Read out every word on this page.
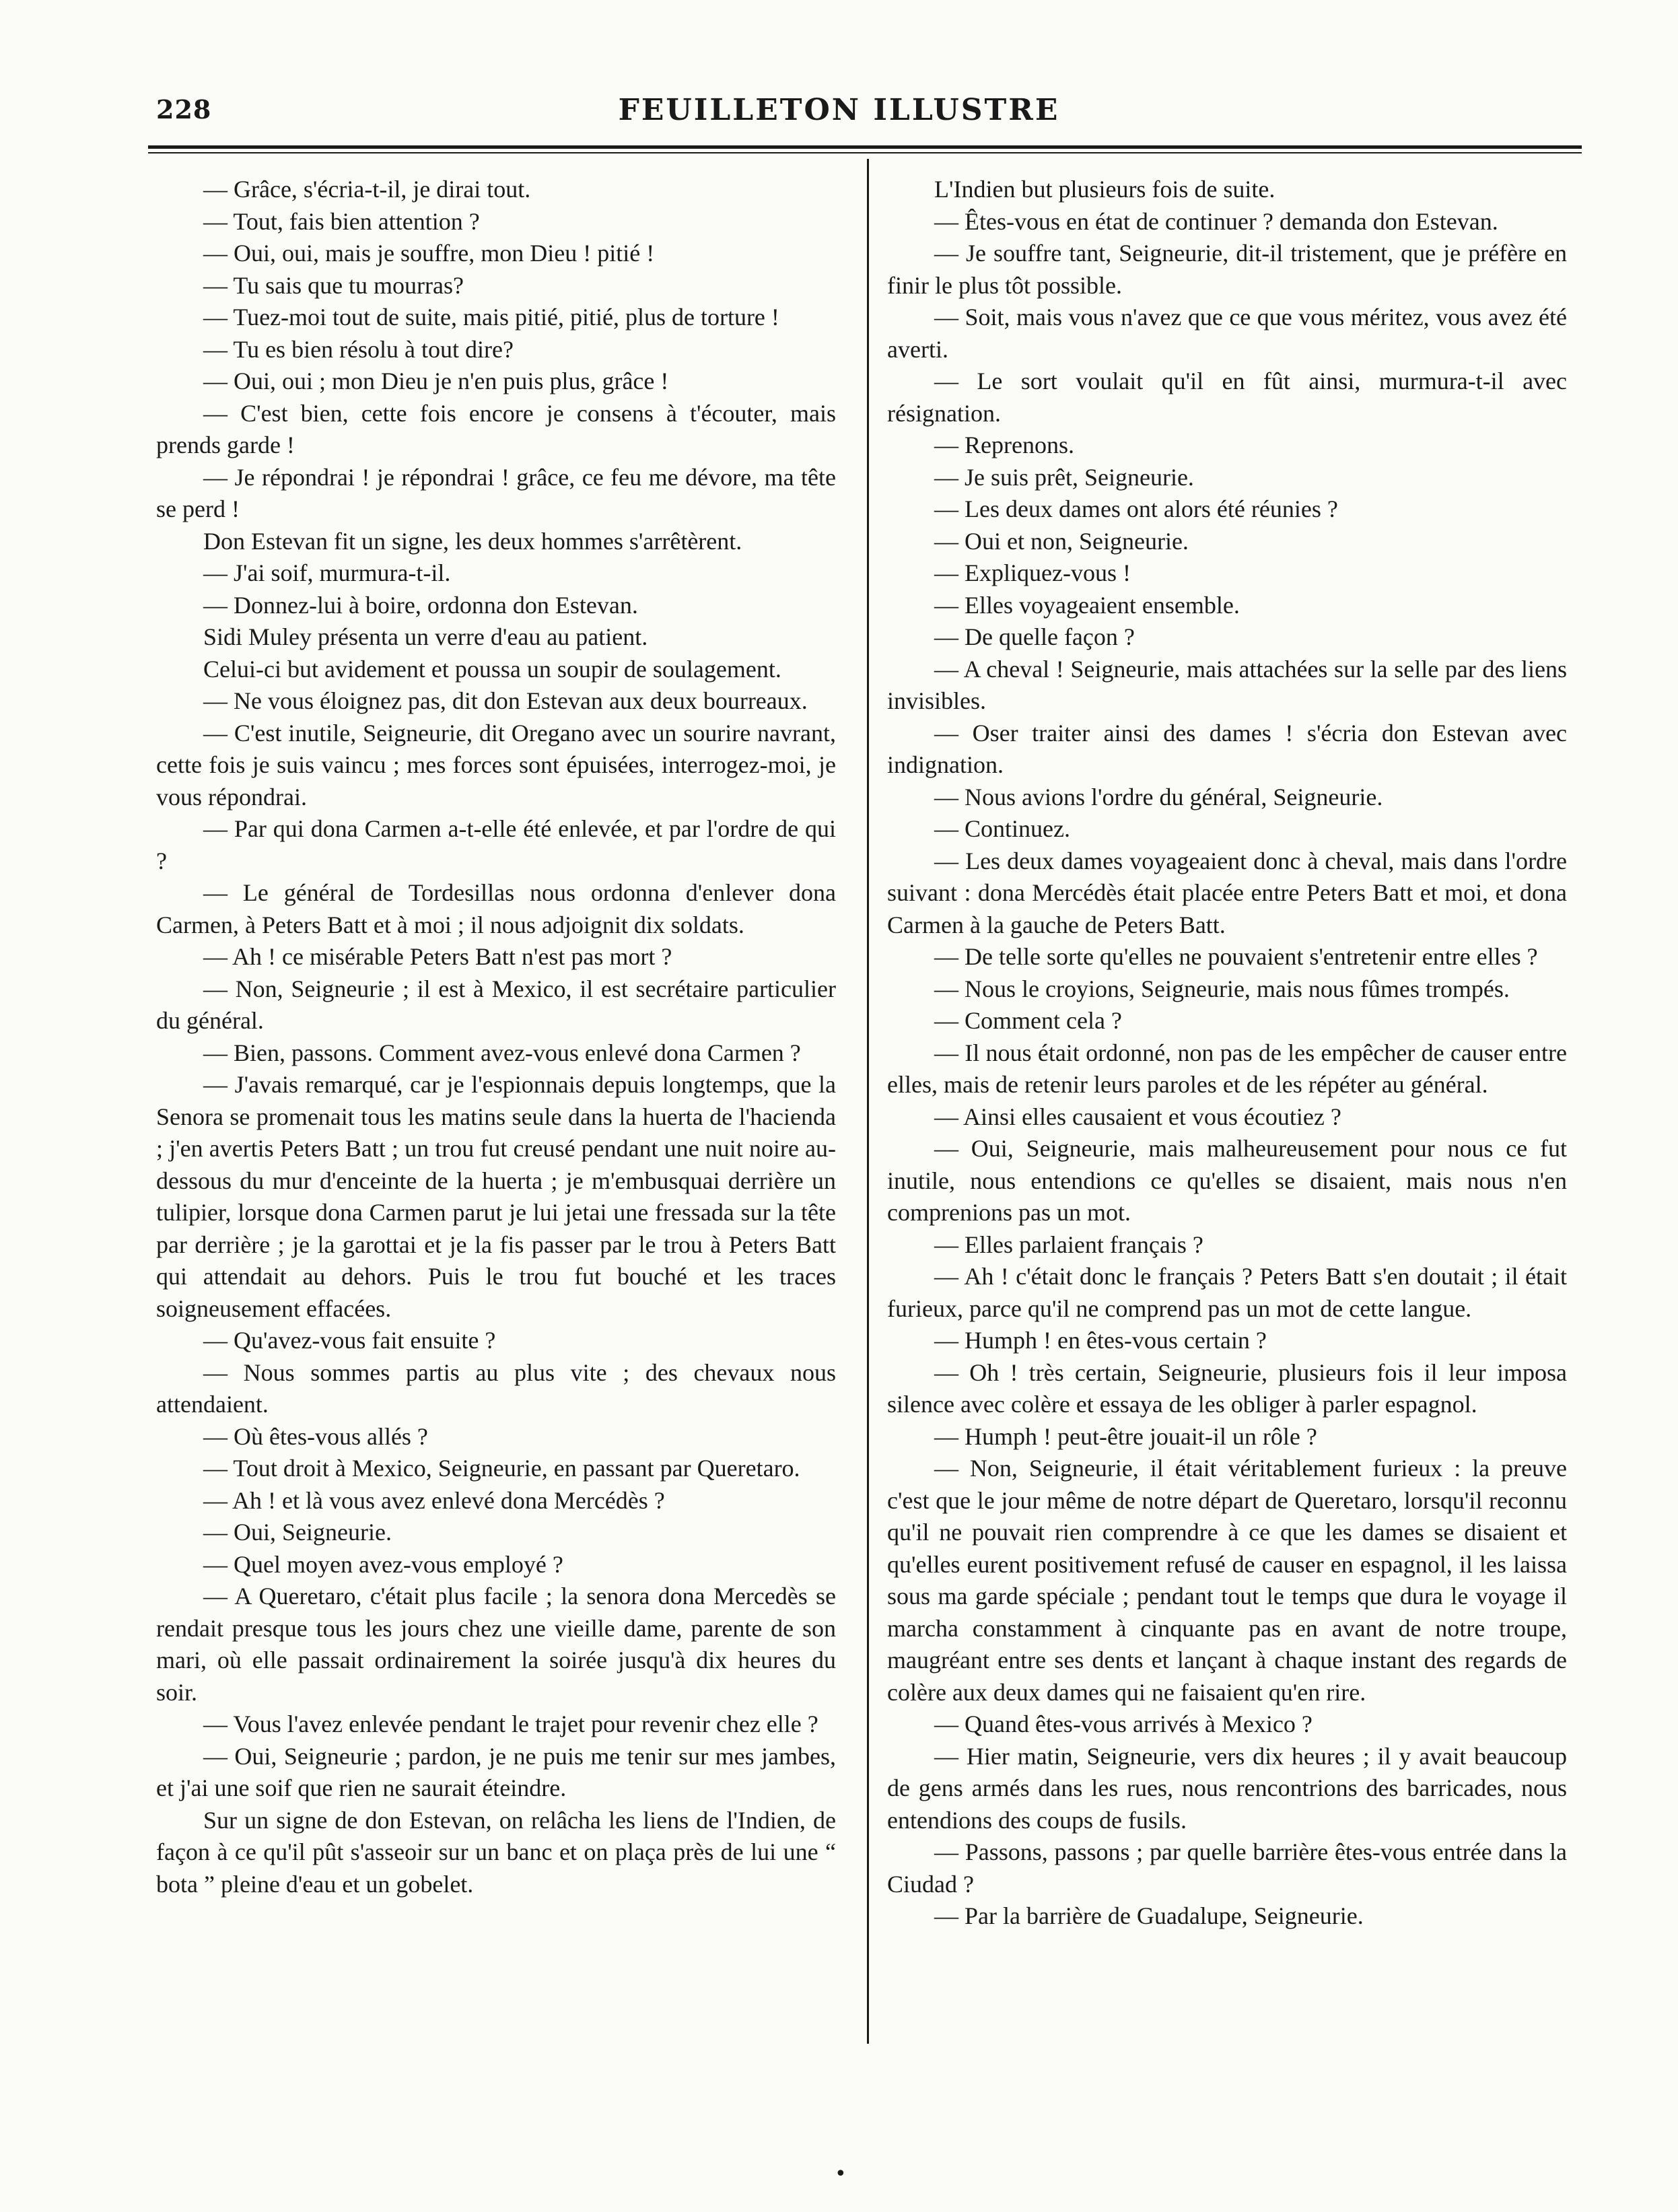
228	FEUILLETON ILLUSTRE

— Grâce, s'écria-t-il, je dirai tout.

— Tout, fais bien attention ?

— Oui, oui, mais je souffre, mon Dieu ! pitié !

— Tu sais que tu mourras?

— Tuez-moi tout de suite, mais pitié, pitié, plus de torture !

— Tu es bien résolu à tout dire?

— Oui, oui ; mon Dieu je n'en puis plus, grâce !

— C'est bien, cette fois encore je consens à t'écouter, mais prends garde !

— Je répondrai ! je répondrai ! grâce, ce feu me dévore, ma tête se perd !

Don Estevan fit un signe, les deux hommes s'arrêtèrent.

— J'ai soif, murmura-t-il.

— Donnez-lui à boire, ordonna don Estevan.

Sidi Muley présenta un verre d'eau au patient.

Celui-ci but avidement et poussa un soupir de soulagement.

— Ne vous éloignez pas, dit don Estevan aux deux bourreaux.

— C'est inutile, Seigneurie, dit Oregano avec un sourire navrant, cette fois je suis vaincu ; mes forces sont épuisées, interrogez-moi, je vous répondrai.

— Par qui dona Carmen a-t-elle été enlevée, et par l'ordre de qui ?

— Le général de Tordesillas nous ordonna d'enlever dona Carmen, à Peters Batt et à moi ; il nous adjoignit dix soldats.

— Ah ! ce misérable Peters Batt n'est pas mort ?

— Non, Seigneurie ; il est à Mexico, il est secrétaire particulier du général.

— Bien, passons. Comment avez-vous enlevé dona Carmen ?

— J'avais remarqué, car je l'espionnais depuis longtemps, que la Senora se promenait tous les matins seule dans la huerta de l'hacienda ; j'en avertis Peters Batt ; un trou fut creusé pendant une nuit noire au-dessous du mur d'enceinte de la huerta ; je m'embusquai derrière un tulipier, lorsque dona Carmen parut je lui jetai une fressada sur la tête par derrière ; je la garottai et je la fis passer par le trou à Peters Batt qui attendait au dehors. Puis le trou fut bouché et les traces soigneusement effacées.

— Qu'avez-vous fait ensuite ?

— Nous sommes partis au plus vite ; des chevaux nous attendaient.

— Où êtes-vous allés ?

— Tout droit à Mexico, Seigneurie, en passant par Queretaro.

— Ah ! et là vous avez enlevé dona Mercédès ?

— Oui, Seigneurie.

— Quel moyen avez-vous employé ?

— A Queretaro, c'était plus facile ; la senora dona Mercedès se rendait presque tous les jours chez une vieille dame, parente de son mari, où elle passait ordinairement la soirée jusqu'à dix heures du soir.

— Vous l'avez enlevée pendant le trajet pour revenir chez elle ?

— Oui, Seigneurie ; pardon, je ne puis me tenir sur mes jambes, et j'ai une soif que rien ne saurait éteindre.

Sur un signe de don Estevan, on relâcha les liens de l'Indien, de façon à ce qu'il pût s'asseoir sur un banc et on plaça près de lui une “ bota ” pleine d'eau et un gobelet.

L'Indien but plusieurs fois de suite.

— Êtes-vous en état de continuer ? demanda don Estevan.

— Je souffre tant, Seigneurie, dit-il tristement, que je préfère en finir le plus tôt possible.

— Soit, mais vous n'avez que ce que vous méritez, vous avez été averti.

— Le sort voulait qu'il en fût ainsi, murmura-t-il avec résignation.

— Reprenons.

— Je suis prêt, Seigneurie.

— Les deux dames ont alors été réunies ?

— Oui et non, Seigneurie.

— Expliquez-vous !

— Elles voyageaient ensemble.

— De quelle façon ?

— A cheval ! Seigneurie, mais attachées sur la selle par des liens invisibles.

— Oser traiter ainsi des dames ! s'écria don Estevan avec indignation.

— Nous avions l'ordre du général, Seigneurie.

— Continuez.

— Les deux dames voyageaient donc à cheval, mais dans l'ordre suivant : dona Mercédès était placée entre Peters Batt et moi, et dona Carmen à la gauche de Peters Batt.

— De telle sorte qu'elles ne pouvaient s'entretenir entre elles ?

— Nous le croyions, Seigneurie, mais nous fûmes trompés.

— Comment cela ?

— Il nous était ordonné, non pas de les empêcher de causer entre elles, mais de retenir leurs paroles et de les répéter au général.

— Ainsi elles causaient et vous écoutiez ?

— Oui, Seigneurie, mais malheureusement pour nous ce fut inutile, nous entendions ce qu'elles se disaient, mais nous n'en comprenions pas un mot.

— Elles parlaient français ?

— Ah ! c'était donc le français ? Peters Batt s'en doutait ; il était furieux, parce qu'il ne comprend pas un mot de cette langue.

— Humph ! en êtes-vous certain ?

— Oh ! très certain, Seigneurie, plusieurs fois il leur imposa silence avec colère et essaya de les obliger à parler espagnol.

— Humph ! peut-être jouait-il un rôle ?

— Non, Seigneurie, il était véritablement furieux : la preuve c'est que le jour même de notre départ de Queretaro, lorsqu'il reconnu qu'il ne pouvait rien comprendre à ce que les dames se disaient et qu'elles eurent positivement refusé de causer en espagnol, il les laissa sous ma garde spéciale ; pendant tout le temps que dura le voyage il marcha constamment à cinquante pas en avant de notre troupe, maugréant entre ses dents et lançant à chaque instant des regards de colère aux deux dames qui ne faisaient qu'en rire.

— Quand êtes-vous arrivés à Mexico ?

— Hier matin, Seigneurie, vers dix heures ; il y avait beaucoup de gens armés dans les rues, nous rencontrions des barricades, nous entendions des coups de fusils.

— Passons, passons ; par quelle barrière êtes-vous entrée dans la Ciudad ?

— Par la barrière de Guadalupe, Seigneurie.

•
